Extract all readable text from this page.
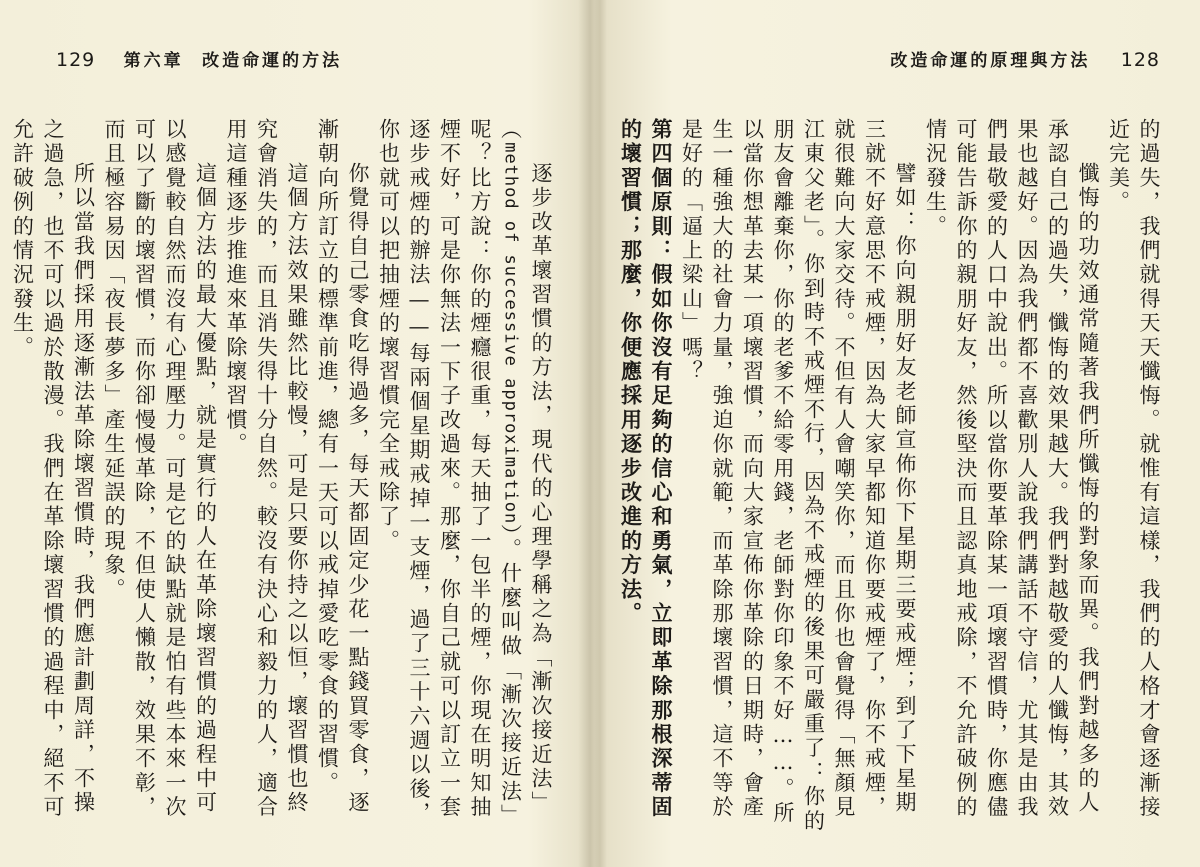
129 第六章 改造命運的方法

逐步改革壞習慣的方法，現代的心理學稱之為「漸次接近法」（method of successive approximation）。什麼叫做「漸次接近法」呢？比方說：你的煙癮很重，每天抽了一包半的煙，你現在明知抽煙不好，可是你無法一下子改過來。那麼，你自己就可以訂立一套逐步戒煙的辦法——每兩個星期戒掉一支煙，過了三十六週以後，你也就可以把抽煙的壞習慣完全戒除了。

你覺得自己零食吃得過多，每天都固定少花一點錢買零食，逐漸朝向所訂立的標準前進，總有一天可以戒掉愛吃零食的習慣。

這個方法效果雖然比較慢，可是只要你持之以恒，壞習慣也終究會消失的，而且消失得十分自然。較沒有決心和毅力的人，適合用這種逐步推進來革除壞習慣。

這個方法的最大優點，就是實行的人在革除壞習慣的過程中可以感覺較自然而沒有心理壓力。可是它的缺點就是怕有些本來一次可以了斷的壞習慣，而你卻慢慢革除，不但使人懶散，效果不彰，而且極容易因「夜長夢多」產生延誤的現象。

所以當我們採用逐漸法革除壞習慣時，我們應計劃周詳，不操之過急，也不可以過於散漫。我們在革除壞習慣的過程中，絕不可允許破例的情況發生。

改造命運的原理與方法 128

的過失，我們就得天天懺悔。就惟有這樣，我們的人格才會逐漸接近完美。

懺悔的功效通常隨著我們所懺悔的對象而異。我們對越多的人承認自己的過失，懺悔的效果越大。我們對越敬愛的人懺悔，其效果也越好。因為我們都不喜歡別人說我們講話不守信，尤其是由我們最敬愛的人口中說出。所以當你要革除某一項壞習慣時，你應儘可能告訴你的親朋好友，然後堅決而且認真地戒除，不允許破例的情況發生。

譬如：你向親朋好友老師宣佈你下星期三要戒煙；到了下星期三就不好意思不戒煙，因為大家早都知道你要戒煙了，你不戒煙，就很難向大家交待。不但有人會嘲笑你，而且你也會覺得「無顏見江東父老」。你到時不戒煙不行，因為不戒煙的後果可嚴重了：你的朋友會離棄你，你的老爹不給零用錢，老師對你印象不好……。所以當你想革去某一項壞習慣，而向大家宣佈你革除的日期時，會產生一種強大的社會力量，強迫你就範，而革除那壞習慣，這不等於是好的「逼上梁山」嗎？

第四個原則：假如你沒有足夠的信心和勇氣，立即革除那根深蒂固的壞習慣；那麼，你便應採用逐步改進的方法。
